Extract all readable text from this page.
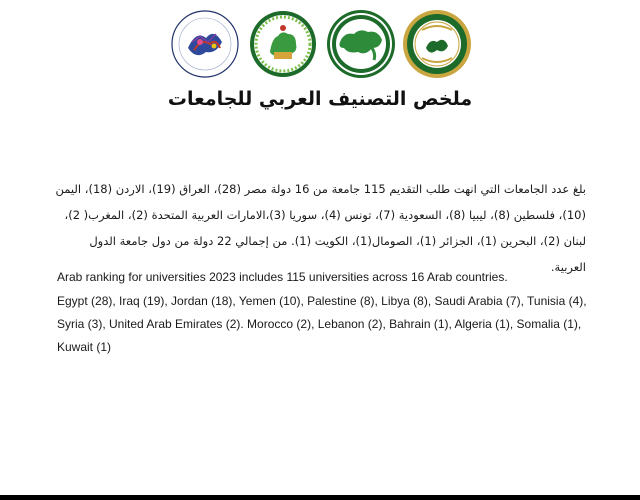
ملخص التصنيف العربي للجامعات

بلغ عدد الجامعات التي انهت طلب التقديم 115 جامعة من 16 دولة مصر (28)، العراق (19)، الاردن (18)، اليمن (10)، فلسطين (8)، ليبيا (8)، السعودية (7)، تونس (4)، سوريا (3)،الامارات العربية المتحدة (2)، المغرب( 2)، لبنان (2)، البحرين (1)، الجزائر (1)، الصومال(1)، الكويت (1). من إجمالي 22 دولة من دول جامعة الدول العربية.

Arab ranking for universities 2023 includes 115 universities across 16 Arab countries.

Egypt (28), Iraq (19), Jordan (18), Yemen (10), Palestine (8), Libya (8), Saudi Arabia (7), Tunisia (4), Syria (3), United Arab Emirates (2). Morocco (2), Lebanon (2), Bahrain (1), Algeria (1), Somalia (1), Kuwait (1)
